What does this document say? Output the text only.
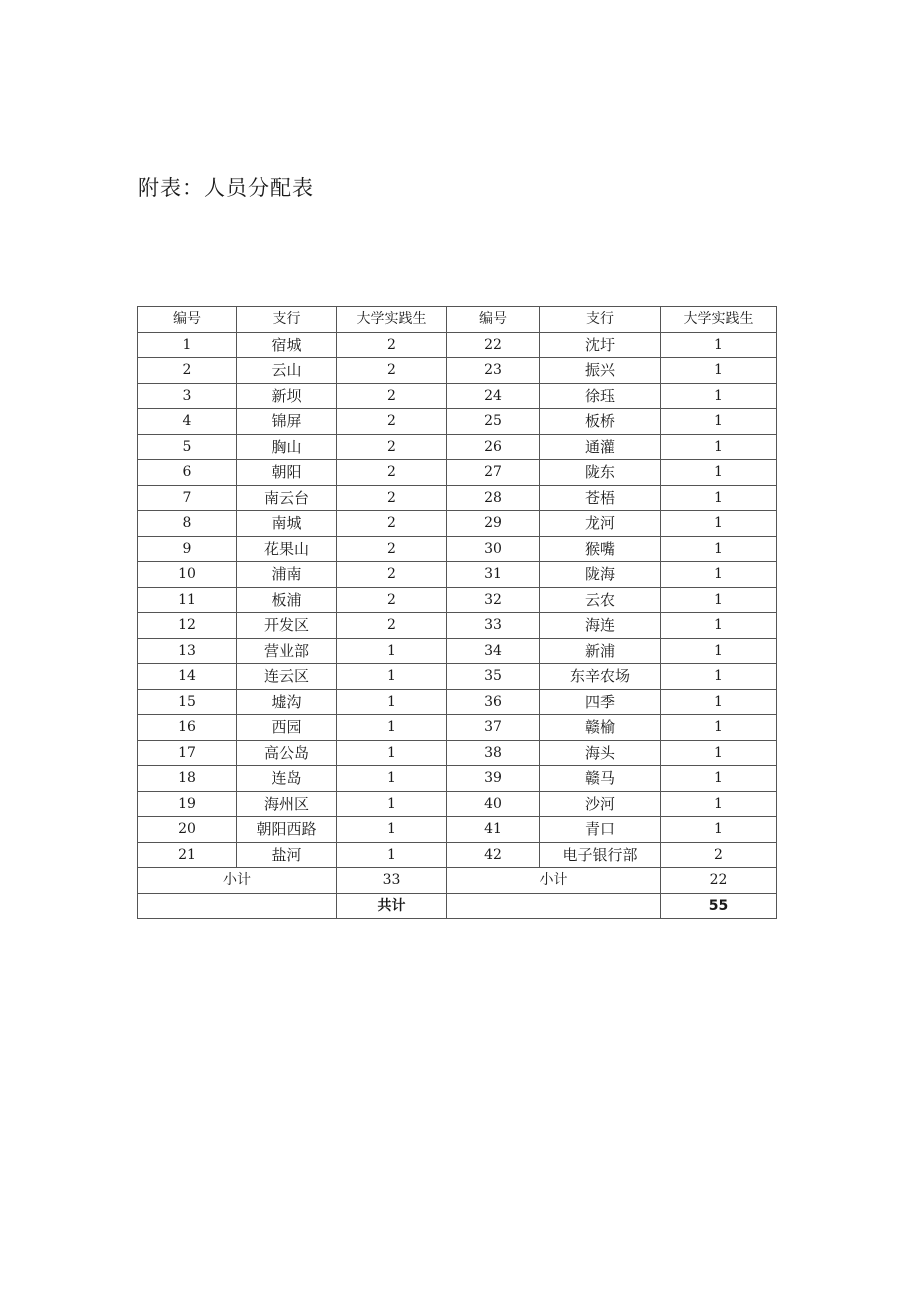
附表：人员分配表
编号	支行	大学实践生	编号	支行	大学实践生
1	宿城	2	22	沈圩	1
2	云山	2	23	振兴	1
3	新坝	2	24	徐珏	1
4	锦屏	2	25	板桥	1
5	胸山	2	26	通灌	1
6	朝阳	2	27	陇东	1
7	南云台	2	28	苍梧	1
8	南城	2	29	龙河	1
9	花果山	2	30	猴嘴	1
10	浦南	2	31	陇海	1
11	板浦	2	32	云农	1
12	开发区	2	33	海连	1
13	营业部	1	34	新浦	1
14	连云区	1	35	东辛农场	1
15	墟沟	1	36	四季	1
16	西园	1	37	赣榆	1
17	高公岛	1	38	海头	1
18	连岛	1	39	赣马	1
19	海州区	1	40	沙河	1
20	朝阳西路	1	41	青口	1
21	盐河	1	42	电子银行部	2
小计		33	小计		22
		共计			55
